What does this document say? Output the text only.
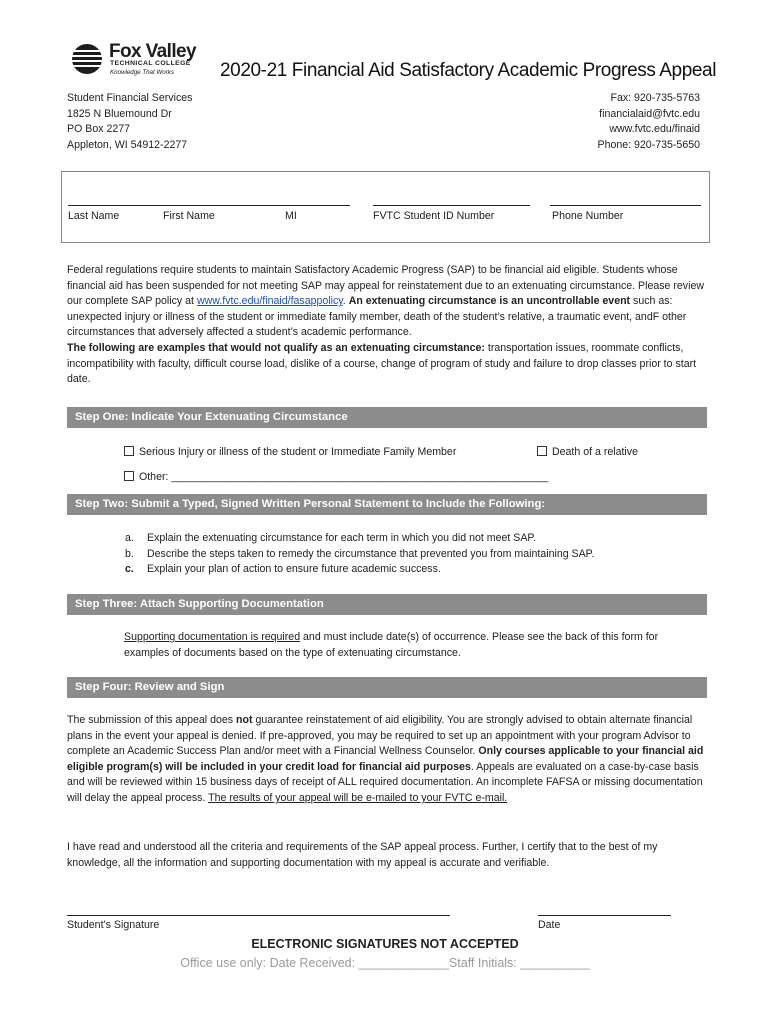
Fox Valley
TECHNICAL COLLEGE
Knowledge That Works 2020-21 Financial Aid Satisfactory Academic Progress Appeal
Student Financial Services
1825 N Bluemound Dr
PO Box 2277
Appleton, WI 54912-2277
Fax: 920-735-5763
financialaid@fvtc.edu
www.fvtc.edu/finaid
Phone: 920-735-5650
Last Name	First Name	MI	FVTC Student ID Number	Phone Number

Federal regulations require students to maintain Satisfactory Academic Progress (SAP) to be financial aid eligible. Students whose financial aid has been suspended for not meeting SAP may appeal for reinstatement due to an extenuating circumstance. Please review our complete SAP policy at www.fvtc.edu/finaid/fasappolicy. An extenuating circumstance is an uncontrollable event such as: unexpected injury or illness of the student or immediate family member, death of the student’s relative, a traumatic event, andF other circumstances that adversely affected a student’s academic performance.

The following are examples that would not qualify as an extenuating circumstance: transportation issues, roommate conflicts, incompatibility with faculty, difficult course load, dislike of a course, change of program of study and failure to drop classes prior to start date.

Step One: Indicate Your Extenuating Circumstance
Serious Injury or illness of the student or Immediate Family Member	Death of a relative
Other: ________________________________________________________________
Step Two: Submit a Typed, Signed Written Personal Statement to Include the Following:
a. Explain the extenuating circumstance for each term in which you did not meet SAP.
b. Describe the steps taken to remedy the circumstance that prevented you from maintaining SAP.
c. Explain your plan of action to ensure future academic success.
Step Three: Attach Supporting Documentation
Supporting documentation is required and must include date(s) of occurrence. Please see the back of this form for examples of documents based on the type of extenuating circumstance.
Step Four: Review and Sign

The submission of this appeal does not guarantee reinstatement of aid eligibility. You are strongly advised to obtain alternate financial plans in the event your appeal is denied. If pre-approved, you may be required to set up an appointment with your program Advisor to complete an Academic Success Plan and/or meet with a Financial Wellness Counselor. Only courses applicable to your financial aid eligible program(s) will be included in your credit load for financial aid purposes. Appeals are evaluated on a case-by-case basis and will be reviewed within 15 business days of receipt of ALL required documentation. An incomplete FAFSA or missing documentation will delay the appeal process. The results of your appeal will be e-mailed to your FVTC e-mail.

I have read and understood all the criteria and requirements of the SAP appeal process. Further, I certify that to the best of my knowledge, all the information and supporting documentation with my appeal is accurate and verifiable.
Student’s Signature	Date
ELECTRONIC SIGNATURES NOT ACCEPTED
Office use only: Date Received: _____________Staff Initials: __________
